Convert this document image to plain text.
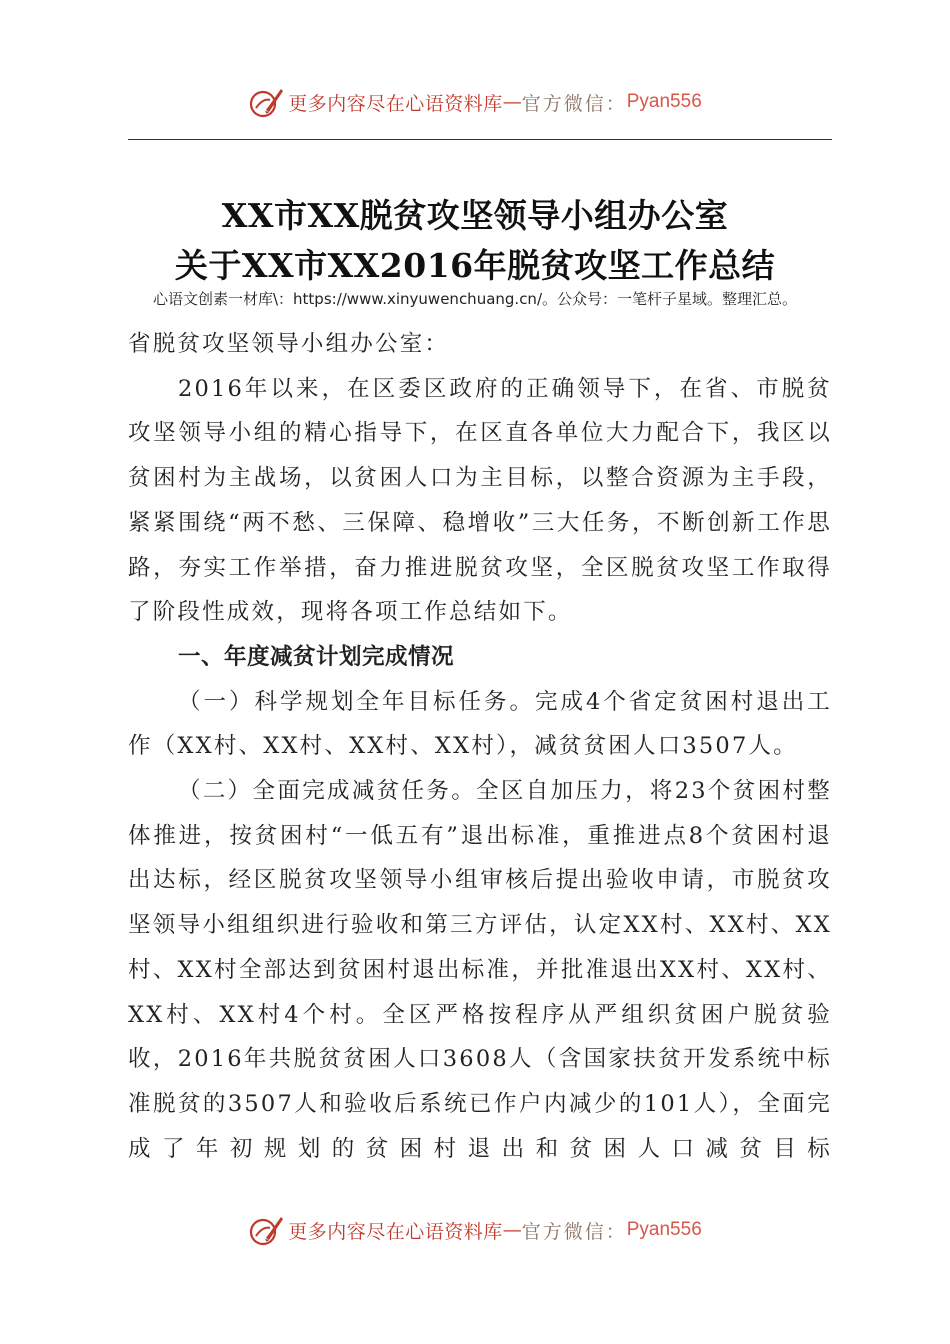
更多内容尽在心语资料库 — 官方微信： Pyan556
XX市XX脱贫攻坚领导小组办公室
关于XX市XX2016年脱贫攻坚工作总结
心语文创素一材库\：https://www.xinyuwenchuang.cn/。公众号：一笔杆子星域。整理汇总。

省脱贫攻坚领导小组办公室：

2016年以来，在区委区政府的正确领导下，在省、市脱贫攻坚领导小组的精心指导下，在区直各单位大力配合下，我区以贫困村为主战场，以贫困人口为主目标，以整合资源为主手段，紧紧围绕“两不愁、三保障、稳增收”三大任务，不断创新工作思路，夯实工作举措，奋力推进脱贫攻坚，全区脱贫攻坚工作取得了阶段性成效，现将各项工作总结如下。

一、年度减贫计划完成情况

（一）科学规划全年目标任务。完成4个省定贫困村退出工作（XX村、XX村、XX村、XX村），减贫贫困人口3507人。

（二）全面完成减贫任务。全区自加压力，将23个贫困村整体推进，按贫困村“一低五有”退出标准，重推进点8个贫困村退出达标，经区脱贫攻坚领导小组审核后提出验收申请，市脱贫攻坚领导小组组织进行验收和第三方评估，认定XX村、XX村、XX村、XX村全部达到贫困村退出标准，并批准退出XX村、XX村、XX村、XX村4个村。全区严格按程序从严组织贫困户脱贫验收，2016年共脱贫贫困人口3608人（含国家扶贫开发系统中标准脱贫的3507人和验收后系统已作户内减少的101人），全面完成了年初规划的贫困村退出和贫困人口减贫目标

更多内容尽在心语资料库 — 官方微信： Pyan556
